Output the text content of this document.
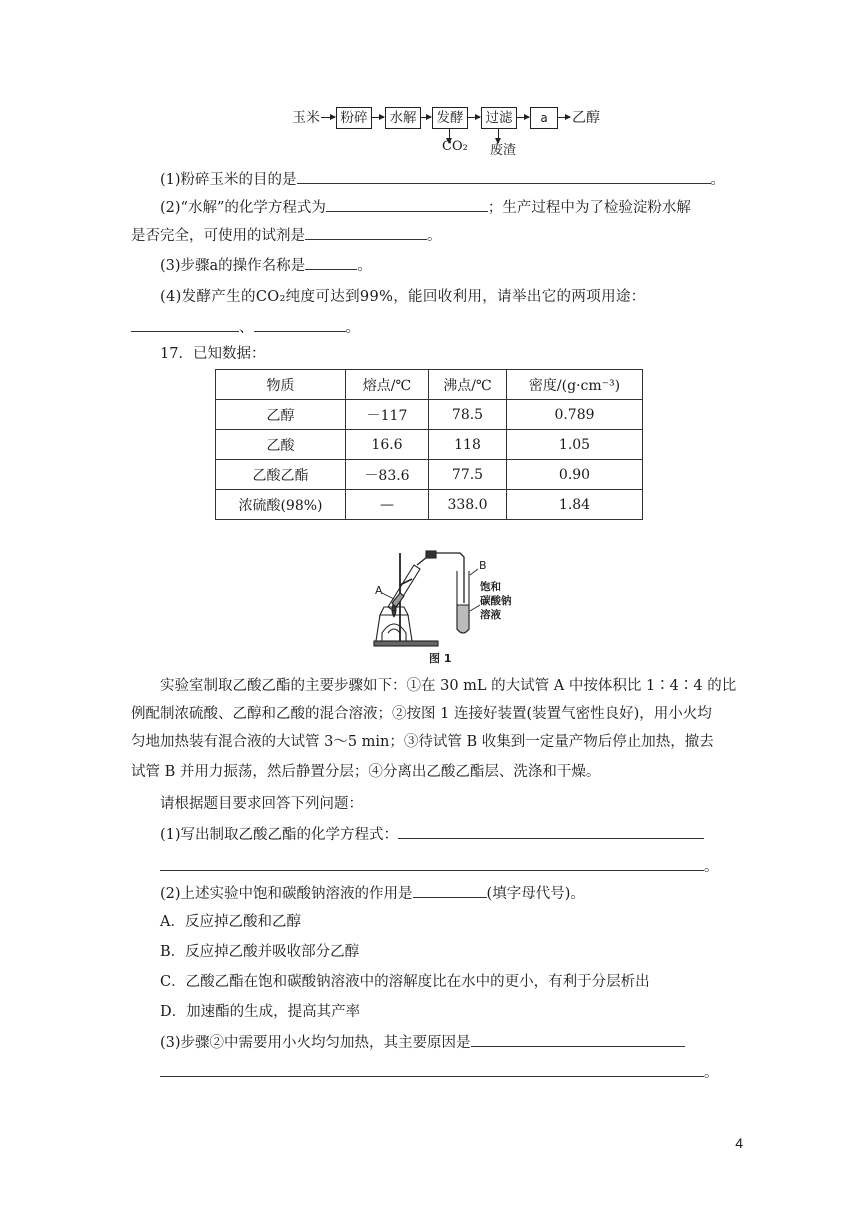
玉米	粉碎	水解	发酵	过滤	a	乙醇
CO₂ 废渣
(1)粉碎玉米的目的是	。
(2)“水解”的化学方程式为	；生产过程中为了检验淀粉水解
是否完全，可使用的试剂是	。
(3)步骤a的操作名称是	。
(4)发酵产生的CO₂纯度可达到99%，能回收利用，请举出它的两项用途：
、	。
17．已知数据：
物质	熔点/℃	沸点/℃	密度/(g·cm⁻³)
乙醇	－117	78.5	0.789
乙酸	16.6	118	1.05
乙酸乙酯	－83.6	77.5	0.90
浓硫酸(98%)	—	338.0	1.84
A
B
饱和
碳酸钠
溶液
图 1
实验室制取乙酸乙酯的主要步骤如下：①在 30 mL 的大试管 A 中按体积比 1∶4∶4 的比
例配制浓硫酸、乙醇和乙酸的混合溶液；②按图 1 连接好装置(装置气密性良好)，用小火均
匀地加热装有混合液的大试管 3～5 min；③待试管 B 收集到一定量产物后停止加热，撤去
试管 B 并用力振荡，然后静置分层；④分离出乙酸乙酯层、洗涤和干燥。
请根据题目要求回答下列问题：
(1)写出制取乙酸乙酯的化学方程式：
。
(2)上述实验中饱和碳酸钠溶液的作用是	(填字母代号)。
A．反应掉乙酸和乙醇
B．反应掉乙酸并吸收部分乙醇
C．乙酸乙酯在饱和碳酸钠溶液中的溶解度比在水中的更小，有利于分层析出
D．加速酯的生成，提高其产率
(3)步骤②中需要用小火均匀加热，其主要原因是
。
4
